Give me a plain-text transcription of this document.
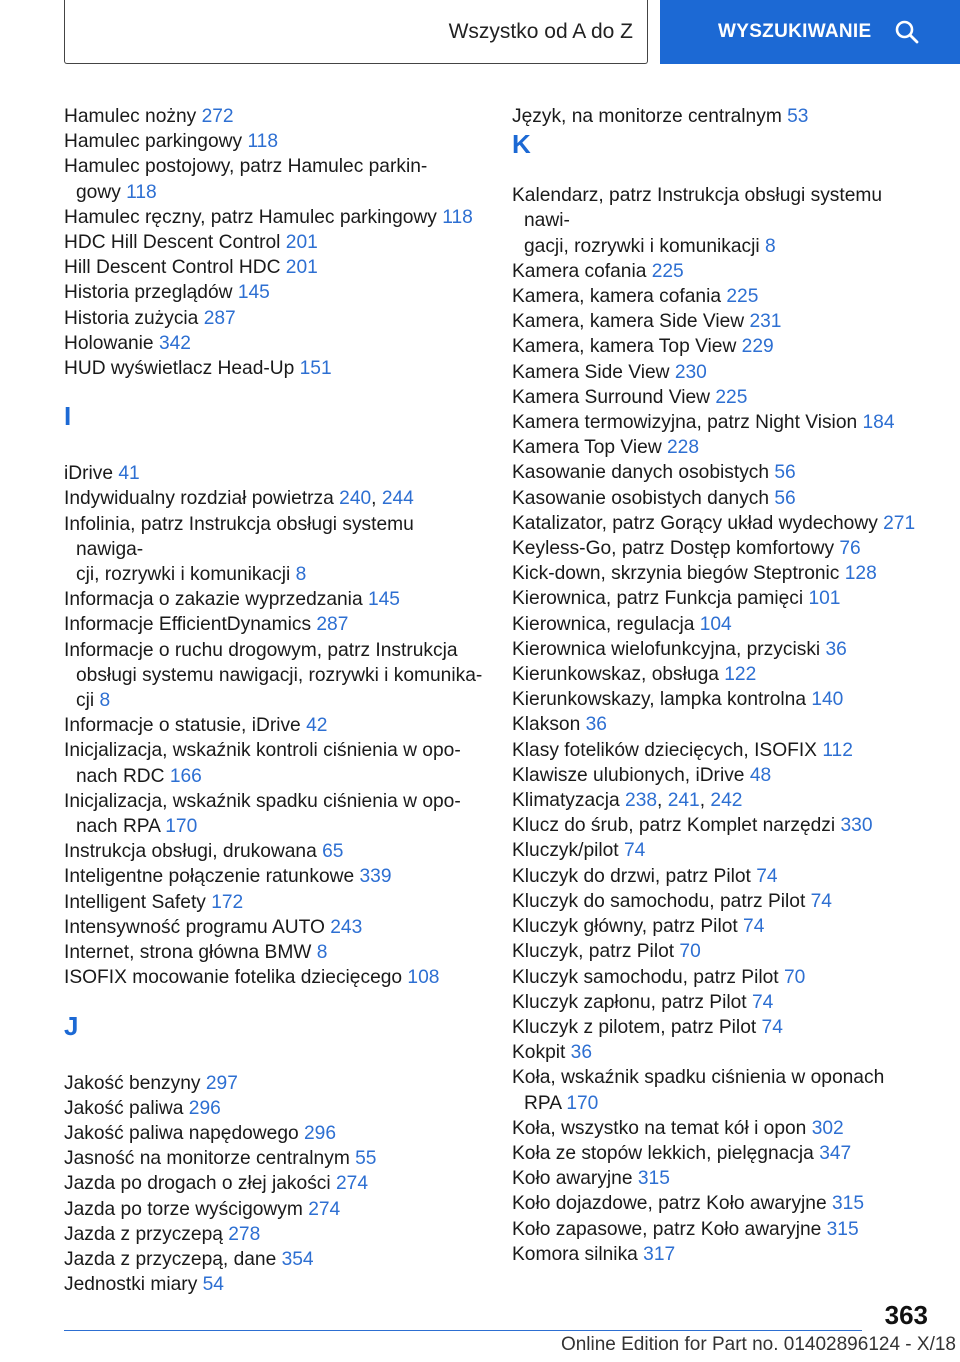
Wszystko od A do Z	WYSZUKIWANIE
Hamulec nożny 272
Hamulec parkingowy 118
Hamulec postojowy, patrz Hamulec parkin‐
gowy 118
Hamulec ręczny, patrz Hamulec parkingowy 118
HDC Hill Descent Control 201
Hill Descent Control HDC 201
Historia przeglądów 145
Historia zużycia 287
Holowanie 342
HUD wyświetlacz Head-Up 151
I
iDrive 41
Indywidualny rozdział powietrza 240, 244
Infolinia, patrz Instrukcja obsługi systemu nawiga‐
cji, rozrywki i komunikacji 8
Informacja o zakazie wyprzedzania 145
Informacje EfficientDynamics 287
Informacje o ruchu drogowym, patrz Instrukcja
obsługi systemu nawigacji, rozrywki i komunika‐
cji 8
Informacje o statusie, iDrive 42
Inicjalizacja, wskaźnik kontroli ciśnienia w opo‐
nach RDC 166
Inicjalizacja, wskaźnik spadku ciśnienia w opo‐
nach RPA 170
Instrukcja obsługi, drukowana 65
Inteligentne połączenie ratunkowe 339
Intelligent Safety 172
Intensywność programu AUTO 243
Internet, strona główna BMW 8
ISOFIX mocowanie fotelika dziecięcego 108
J
Jakość benzyny 297
Jakość paliwa 296
Jakość paliwa napędowego 296
Jasność na monitorze centralnym 55
Jazda po drogach o złej jakości 274
Jazda po torze wyścigowym 274
Jazda z przyczepą 278
Jazda z przyczepą, dane 354
Jednostki miary 54
Język, na monitorze centralnym 53
K
Kalendarz, patrz Instrukcja obsługi systemu nawi‐
gacji, rozrywki i komunikacji 8
Kamera cofania 225
Kamera, kamera cofania 225
Kamera, kamera Side View 231
Kamera, kamera Top View 229
Kamera Side View 230
Kamera Surround View 225
Kamera termowizyjna, patrz Night Vision 184
Kamera Top View 228
Kasowanie danych osobistych 56
Kasowanie osobistych danych 56
Katalizator, patrz Gorący układ wydechowy 271
Keyless-Go, patrz Dostęp komfortowy 76
Kick-down, skrzynia biegów Steptronic 128
Kierownica, patrz Funkcja pamięci 101
Kierownica, regulacja 104
Kierownica wielofunkcyjna, przyciski 36
Kierunkowskaz, obsługa 122
Kierunkowskazy, lampka kontrolna 140
Klakson 36
Klasy fotelików dziecięcych, ISOFIX 112
Klawisze ulubionych, iDrive 48
Klimatyzacja 238, 241, 242
Klucz do śrub, patrz Komplet narzędzi 330
Kluczyk/pilot 74
Kluczyk do drzwi, patrz Pilot 74
Kluczyk do samochodu, patrz Pilot 74
Kluczyk główny, patrz Pilot 74
Kluczyk, patrz Pilot 70
Kluczyk samochodu, patrz Pilot 70
Kluczyk zapłonu, patrz Pilot 74
Kluczyk z pilotem, patrz Pilot 74
Kokpit 36
Koła, wskaźnik spadku ciśnienia w oponach
RPA 170
Koła, wszystko na temat kół i opon 302
Koła ze stopów lekkich, pielęgnacja 347
Koło awaryjne 315
Koło dojazdowe, patrz Koło awaryjne 315
Koło zapasowe, patrz Koło awaryjne 315
Komora silnika 317
363
Online Edition for Part no. 01402896124 - X/18
